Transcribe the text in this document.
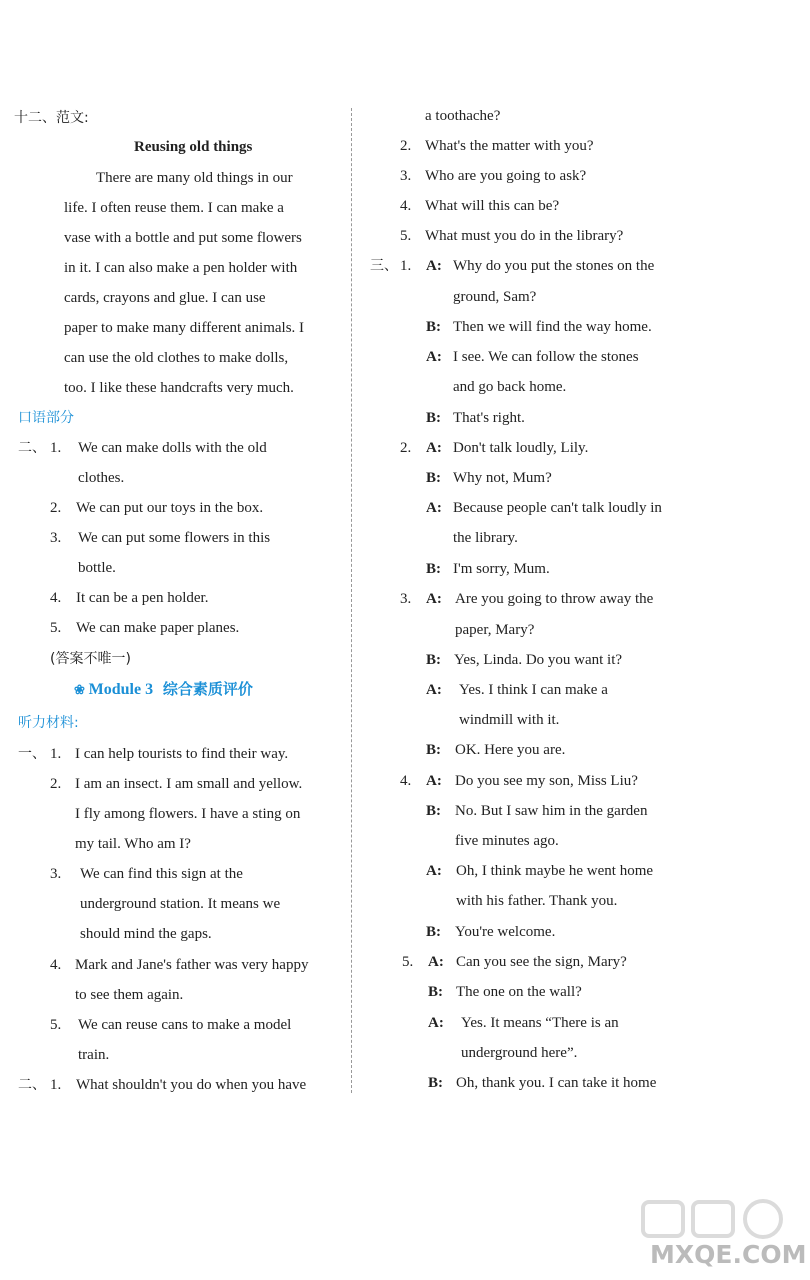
十二、范文:
Reusing old things
There are many old things in our
life. I often reuse them. I can make a
vase with a bottle and put some flowers
in it. I can also make a pen holder with
cards, crayons and glue. I can use
paper to make many different animals. I
can use the old clothes to make dolls,
too. I like these handcrafts very much.
口语部分
二、 1. We can make dolls with the old
clothes.
2. We can put our toys in the box.
3. We can put some flowers in this
bottle.
4. It can be a pen holder.
5. We can make paper planes.
(答案不唯一)
❀ Module 3 综合素质评价
听力材料:
一、 1. I can help tourists to find their way.
2. I am an insect. I am small and yellow.
I fly among flowers. I have a sting on
my tail. Who am I?
3. We can find this sign at the
underground station. It means we
should mind the gaps.
4. Mark and Jane's father was very happy
to see them again.
5. We can reuse cans to make a model
train.
二、 1. What shouldn't you do when you have
a toothache?
2. What's the matter with you?
3. Who are you going to ask?
4. What will this can be?
5. What must you do in the library?
三、 1. A: Why do you put the stones on the
ground, Sam?
B: Then we will find the way home.
A: I see. We can follow the stones
and go back home.
B: That's right.
2. A: Don't talk loudly, Lily.
B: Why not, Mum?
A: Because people can't talk loudly in
the library.
B: I'm sorry, Mum.
3. A: Are you going to throw away the
paper, Mary?
B: Yes, Linda. Do you want it?
A: Yes. I think I can make a
windmill with it.
B: OK. Here you are.
4. A: Do you see my son, Miss Liu?
B: No. But I saw him in the garden
five minutes ago.
A: Oh, I think maybe he went home
with his father. Thank you.
B: You're welcome.
5. A: Can you see the sign, Mary?
B: The one on the wall?
A: Yes. It means “There is an
underground here”.
B: Oh, thank you. I can take it home
MXQE.COM
